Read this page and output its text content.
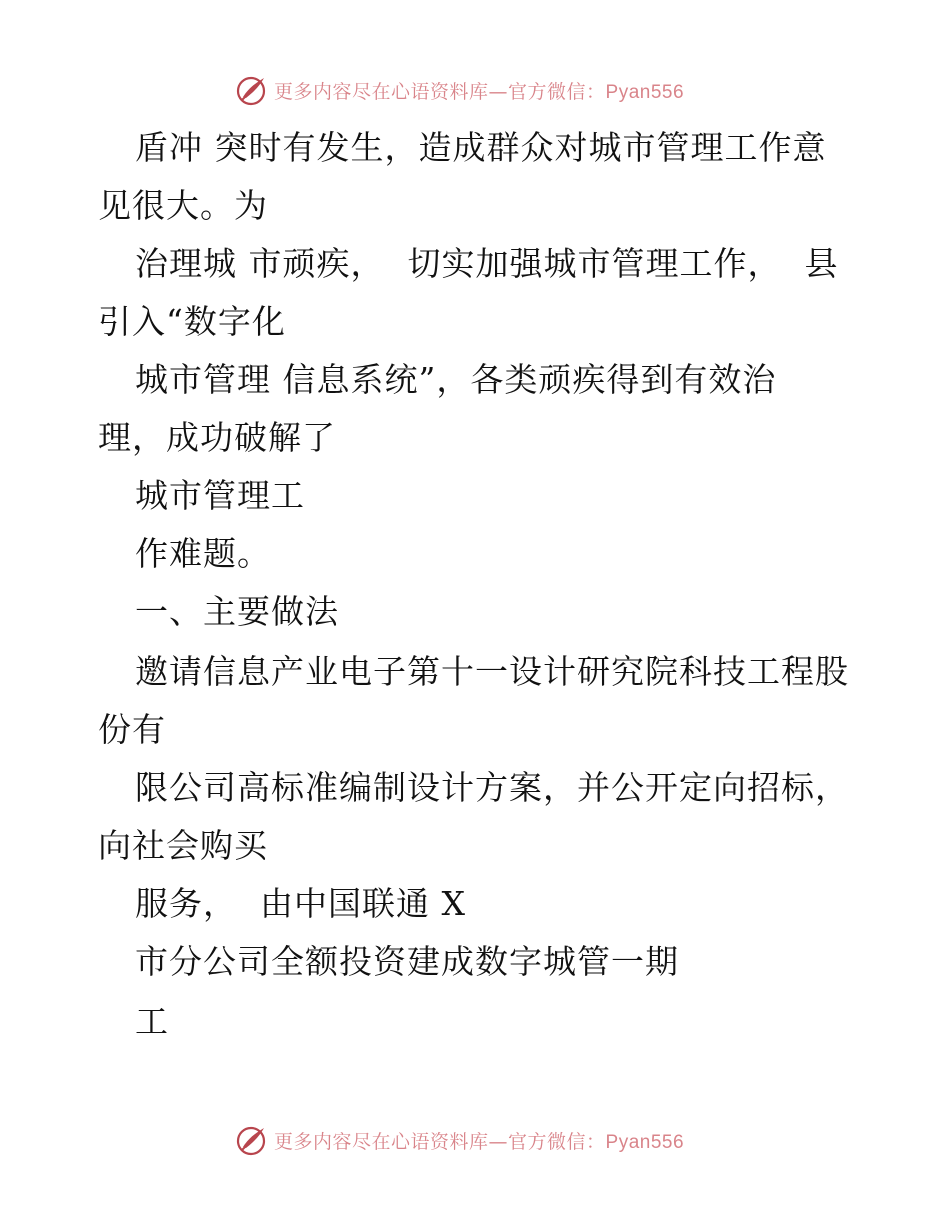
更多内容尽在心语资料库—官方微信：Pyan556
盾冲 突时有发生，造成群众对城市管理工作意
见很大。为
治理城 市顽疾，  切实加强城市管理工作，  县
引入“数字化
城市管理 信息系统”，各类顽疾得到有效治
理，成功破解了
城市管理工
作难题。
一、主要做法
邀请信息产业电子第十一设计研究院科技工程股
份有
限公司高标准编制设计方案，并公开定向招标，
向社会购买
服务，  由中国联通 X
市分公司全额投资建成数字城管一期
工
更多内容尽在心语资料库—官方微信：Pyan556
